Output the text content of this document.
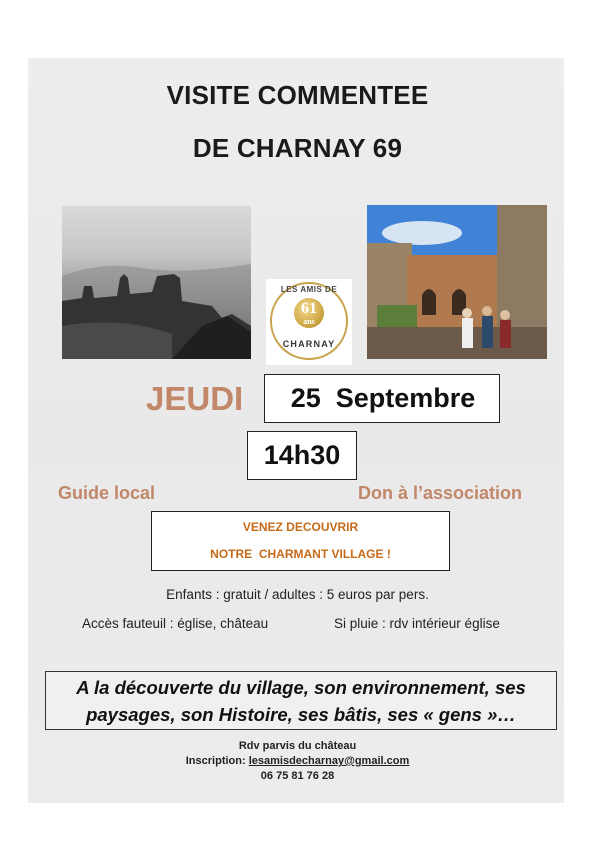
VISITE COMMENTEE
DE CHARNAY 69
LES AMIS DE
61
ans
CHARNAY
JEUDI	25  Septembre
14h30
Guide local	Don à l’association
VENEZ DECOUVRIR
NOTRE  CHARMANT VILLAGE !
Enfants : gratuit / adultes : 5 euros par pers.
Accès fauteuil : église, château	Si pluie : rdv intérieur église
A la découverte du village, son environnement, ses
paysages, son Histoire, ses bâtis, ses « gens »…
Rdv parvis du château
Inscription: lesamisdecharnay@gmail.com
06 75 81 76 28
